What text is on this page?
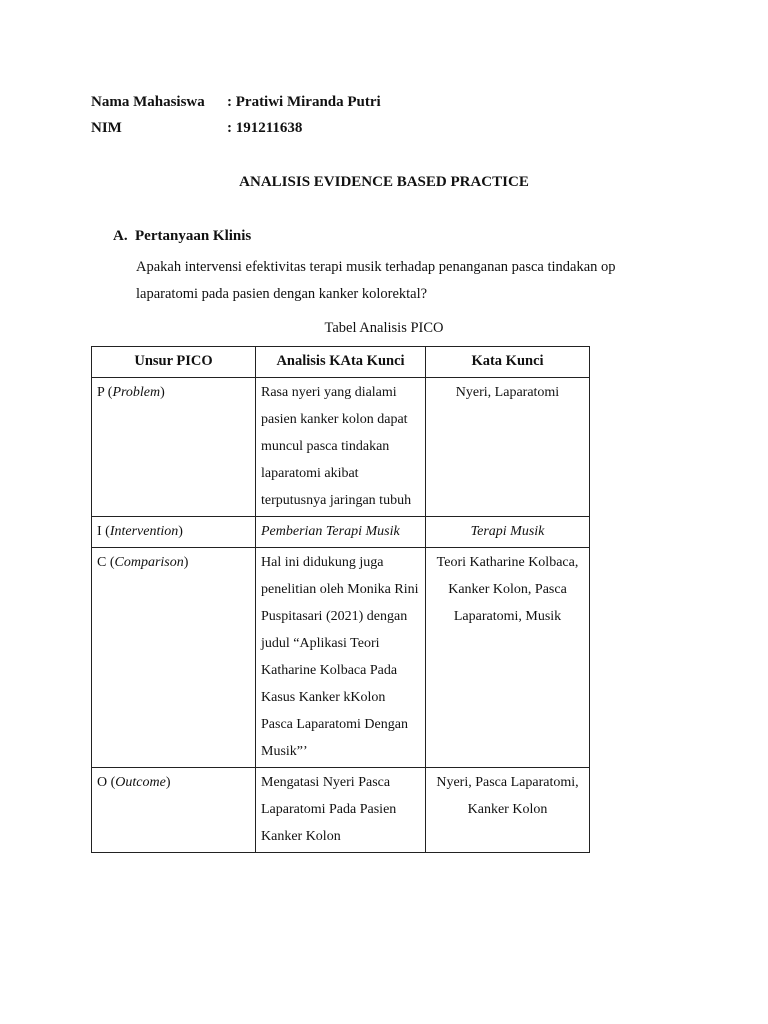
Nama Mahasiswa : Pratiwi Miranda Putri
NIM	: 191211638
ANALISIS EVIDENCE BASED PRACTICE
A. Pertanyaan Klinis
Apakah intervensi efektivitas terapi musik terhadap penanganan pasca tindakan op laparatomi pada pasien dengan kanker kolorektal?
Tabel Analisis PICO
Unsur PICO	Analisis KAta Kunci	Kata Kunci
P (Problem)	Rasa nyeri yang dialami pasien kanker kolon dapat muncul pasca tindakan laparatomi akibat terputusnya jaringan tubuh	Nyeri, Laparatomi
I (Intervention)	Pemberian Terapi Musik	Terapi Musik
C (Comparison)	Hal ini didukung juga penelitian oleh Monika Rini Puspitasari (2021) dengan judul “Aplikasi Teori Katharine Kolbaca Pada Kasus Kanker kKolon Pasca Laparatomi Dengan Musik”’	Teori Katharine Kolbaca, Kanker Kolon, Pasca Laparatomi, Musik
O (Outcome)	Mengatasi Nyeri Pasca Laparatomi Pada Pasien Kanker Kolon	Nyeri, Pasca Laparatomi, Kanker Kolon
